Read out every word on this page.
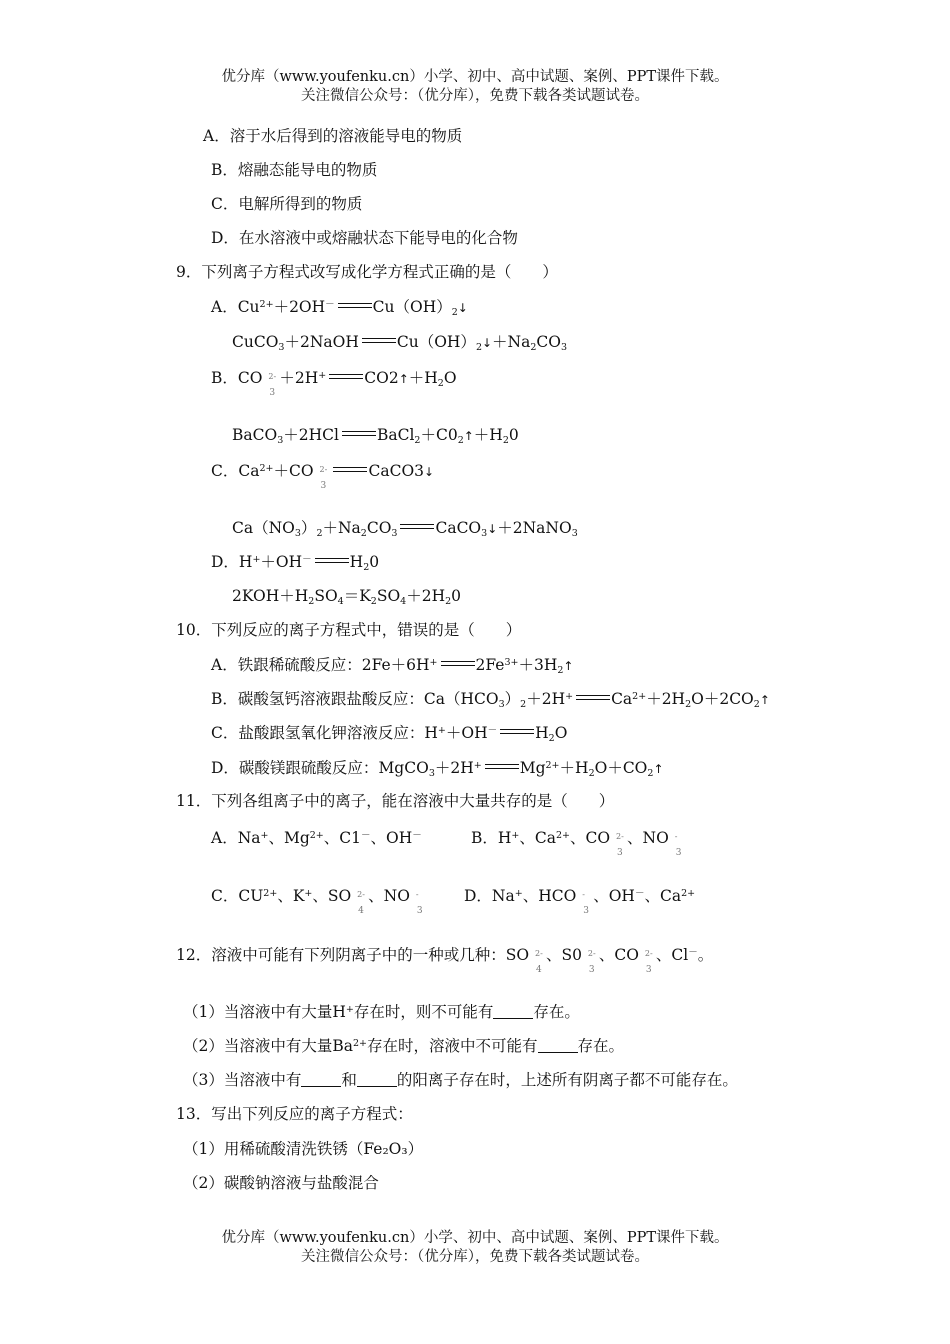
优分库（www.youfenku.cn）小学、初中、高中试题、案例、PPT课件下载。
关注微信公众号：（优分库），免费下载各类试题试卷。
A．溶于水后得到的溶液能导电的物质
B．熔融态能导电的物质
C．电解所得到的物质
D．在水溶液中或熔融状态下能导电的化合物
9．下列离子方程式改写成化学方程式正确的是（　　）
A．$Cu^{2+}+2OH^-$ $Cu(OH)_2↓$
CuCO$_3$＋2NaOH $Cu(OH)_2↓+Na_2CO_3$
B．CO 2-
3
＋2H+ $CO2↑+H_2O$
BaCO$_3$＋2HCl $BaCl_2+C0_2↑+H_20$
C．$Ca^{2+}+CO$ 2-
3
CaCO3↓
$Ca(NO_3)_2+Na_2CO_3$ CaCO$_3$↓＋2NaNO$_3$
D．H+＋OH－ $H_20$
$2KOH+H_2SO_4=K_2SO_4+2H_20$
10．下列反应的离子方程式中，错误的是（　　）
A．铁跟稀硫酸反应：2Fe＋6H+ $2Fe^{3+}+3H_2↑$
B．碳酸氢钙溶液跟盐酸反应：$Ca(HCO_3)_2+2H^+$ $Ca^{2+}+2H_2O+2CO_2↑$
C．盐酸跟氢氧化钾溶液反应：H+＋OH－ $H_2O$
D．碳酸镁跟硫酸反应：MgCO$_3$＋2H+ $Mg^{2+}+H_2O+CO_2↑$
11．下列各组离子中的离子，能在溶液中大量共存的是（　　）
A．Na+、$Mg^{2+}$、C1－、OH－	B．H+、$Ca^{2+}$、CO 2-
3
、NO -
3
C．$CU^{2+}$、K+、SO 2-
4
、NO -
3
D．Na+、HCO -
3
、OH－、$Ca^{2+}$
12．溶液中可能有下列阴离子中的一种或几种：SO 2-
4
、S0 2-
3
、CO 2-
3
、Cl－。
（1）当溶液中有大量H+存在时，则不可能有	存在。
（2）当溶液中有大量$Ba^{2+}$存在时，溶液中不可能有	存在。
（3）当溶液中有	和	的阳离子存在时，上述所有阴离子都不可能存在。
13．写出下列反应的离子方程式：
（1）用稀硫酸清洗铁锈（Fe₂O₃）
（2）碳酸钠溶液与盐酸混合
优分库（www.youfenku.cn）小学、初中、高中试题、案例、PPT课件下载。
关注微信公众号：（优分库），免费下载各类试题试卷。
